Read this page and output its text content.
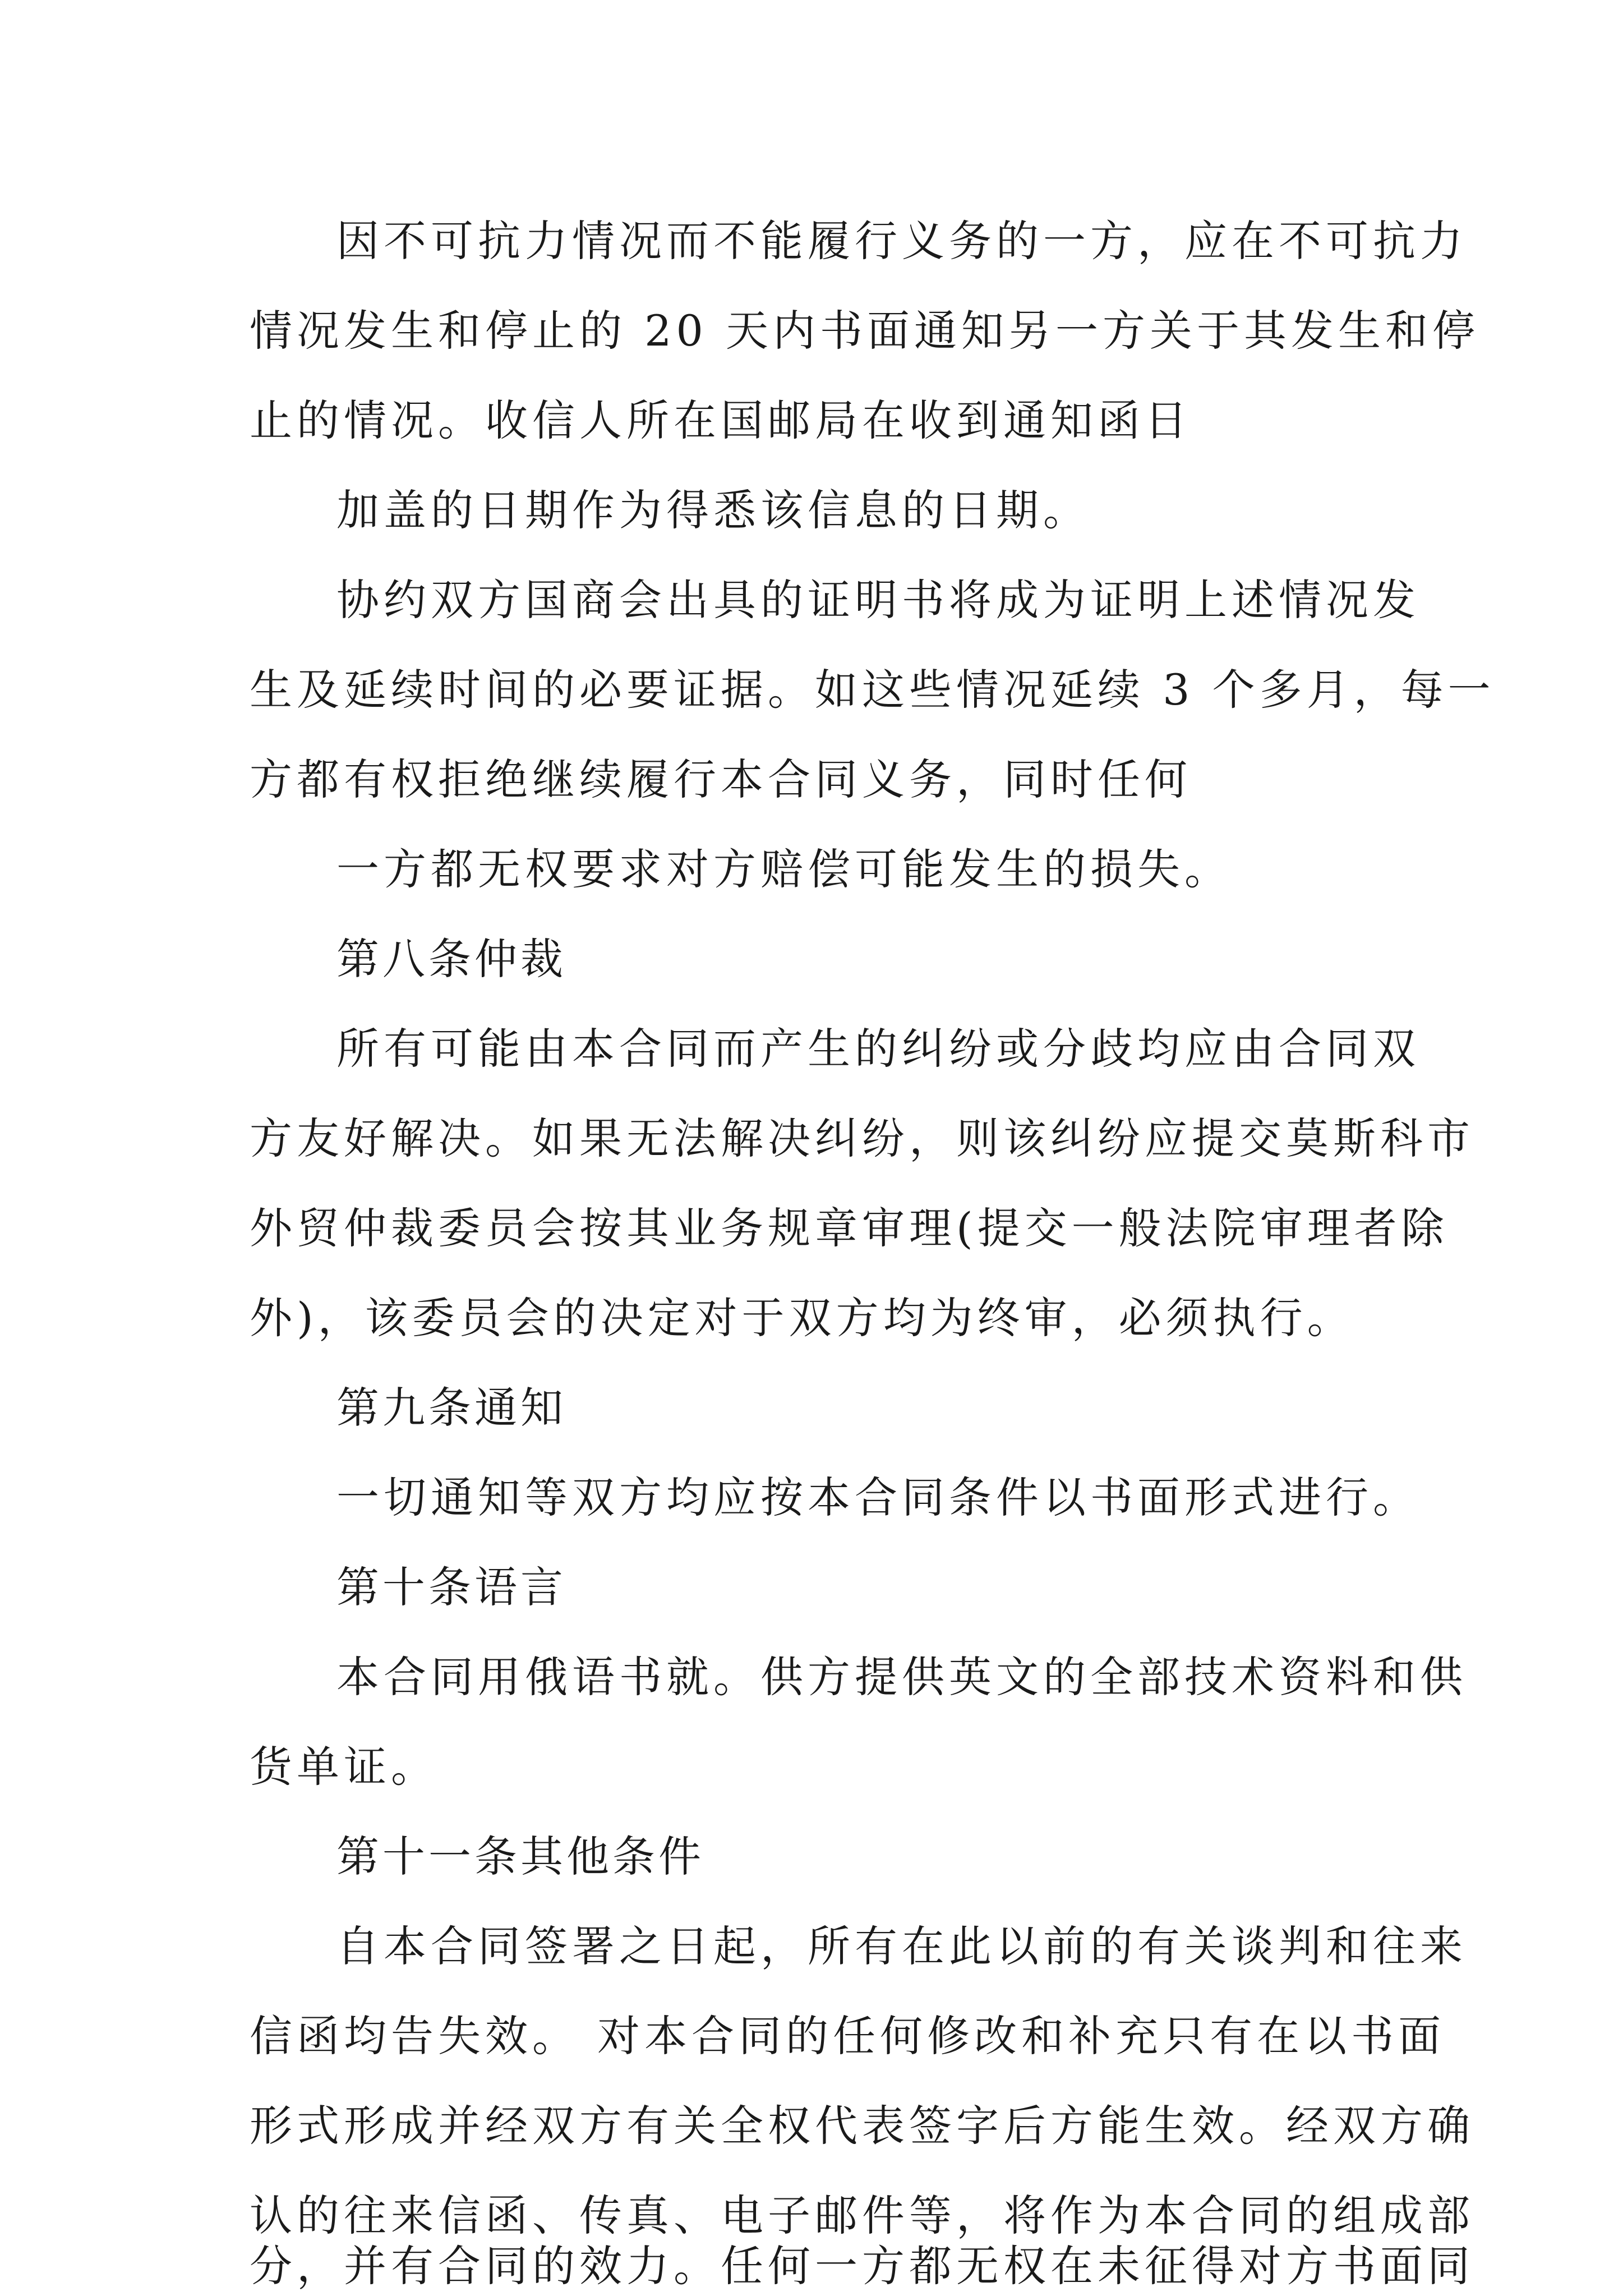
因不可抗力情况而不能履行义务的一方，应在不可抗力

情况发生和停止的 20 天内书面通知另一方关于其发生和停

止的情况。收信人所在国邮局在收到通知函日

加盖的日期作为得悉该信息的日期。

协约双方国商会出具的证明书将成为证明上述情况发

生及延续时间的必要证据。如这些情况延续 3 个多月，每一

方都有权拒绝继续履行本合同义务，同时任何

一方都无权要求对方赔偿可能发生的损失。

第八条仲裁

所有可能由本合同而产生的纠纷或分歧均应由合同双

方友好解决。如果无法解决纠纷，则该纠纷应提交莫斯科市

外贸仲裁委员会按其业务规章审理(提交一般法院审理者除

外)，该委员会的决定对于双方均为终审，必须执行。

第九条通知

一切通知等双方均应按本合同条件以书面形式进行。

第十条语言

本合同用俄语书就。供方提供英文的全部技术资料和供

货单证。

第十一条其他条件

自本合同签署之日起，所有在此以前的有关谈判和往来

信函均告失效。 对本合同的任何修改和补充只有在以书面

形式形成并经双方有关全权代表签字后方能生效。经双方确

认的往来信函、传真、电子邮件等，将作为本合同的组成部

分，并有合同的效力。任何一方都无权在未征得对方书面同
